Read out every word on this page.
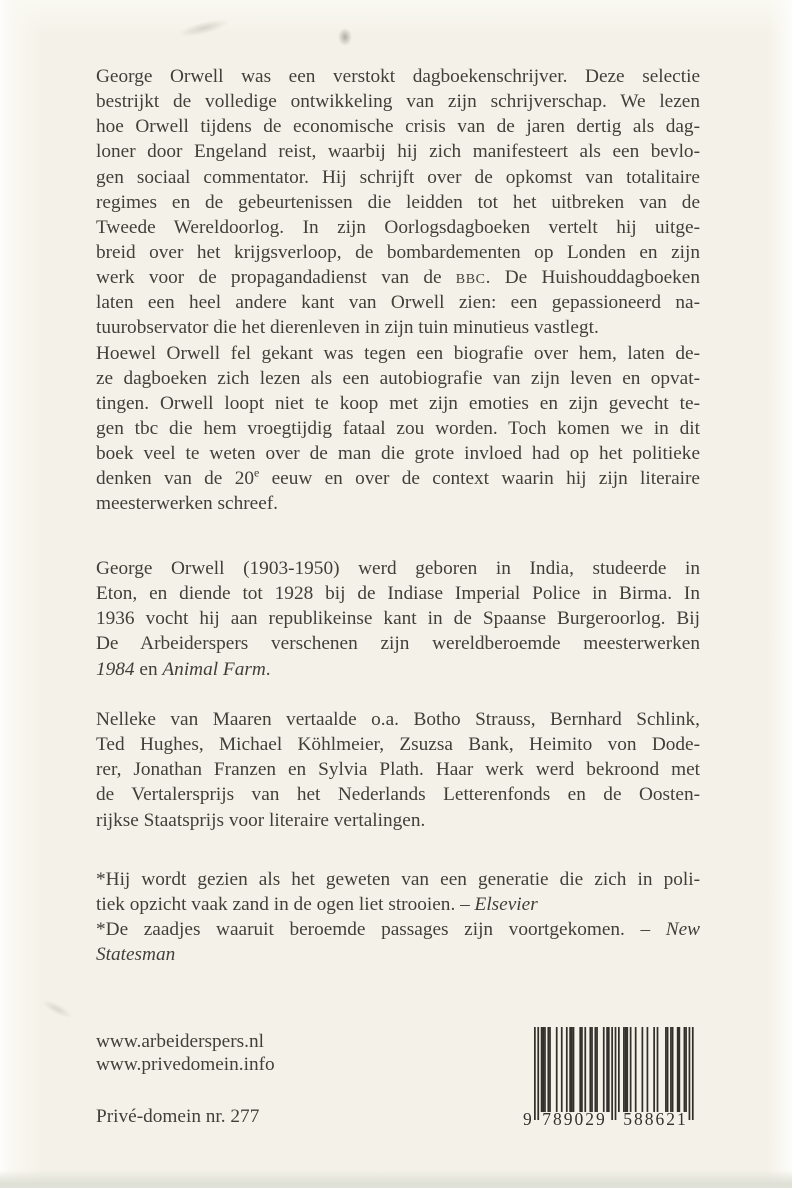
George Orwell was een verstokt dagboekenschrijver. Deze selectie
bestrijkt de volledige ontwikkeling van zijn schrijverschap. We lezen
hoe Orwell tijdens de economische crisis van de jaren dertig als dag-
loner door Engeland reist, waarbij hij zich manifesteert als een bevlo-
gen sociaal commentator. Hij schrijft over de opkomst van totalitaire
regimes en de gebeurtenissen die leidden tot het uitbreken van de
Tweede Wereldoorlog. In zijn Oorlogsdagboeken vertelt hij uitge-
breid over het krijgsverloop, de bombardementen op Londen en zijn
werk voor de propagandadienst van de bbc. De Huishouddagboeken
laten een heel andere kant van Orwell zien: een gepassioneerd na-
tuurobservator die het dierenleven in zijn tuin minutieus vastlegt.
Hoewel Orwell fel gekant was tegen een biografie over hem, laten de-
ze dagboeken zich lezen als een autobiografie van zijn leven en opvat-
tingen. Orwell loopt niet te koop met zijn emoties en zijn gevecht te-
gen tbc die hem vroegtijdig fataal zou worden. Toch komen we in dit
boek veel te weten over de man die grote invloed had op het politieke
denken van de 20e eeuw en over de context waarin hij zijn literaire
meesterwerken schreef.
George Orwell (1903-1950) werd geboren in India, studeerde in
Eton, en diende tot 1928 bij de Indiase Imperial Police in Birma. In
1936 vocht hij aan republikeinse kant in de Spaanse Burgeroorlog. Bij
De Arbeiderspers verschenen zijn wereldberoemde meesterwerken
1984 en Animal Farm.
Nelleke van Maaren vertaalde o.a. Botho Strauss, Bernhard Schlink,
Ted Hughes, Michael Köhlmeier, Zsuzsa Bank, Heimito von Dode-
rer, Jonathan Franzen en Sylvia Plath. Haar werk werd bekroond met
de Vertalersprijs van het Nederlands Letterenfonds en de Oosten-
rijkse Staatsprijs voor literaire vertalingen.
*Hij wordt gezien als het geweten van een generatie die zich in poli-
tiek opzicht vaak zand in de ogen liet strooien. – Elsevier
*De zaadjes waaruit beroemde passages zijn voortgekomen. – New
Statesman
www.arbeiderspers.nl
www.privedomein.info
Privé-domein nr. 277	9 789029 588621
